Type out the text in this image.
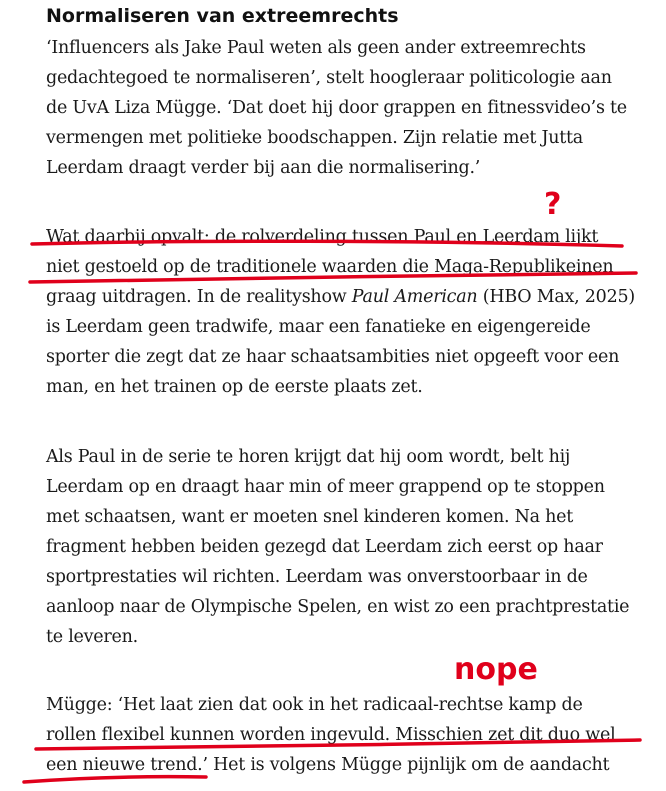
Normaliseren van extreemrechts
‘Influencers als Jake Paul weten als geen ander extreemrechts
gedachtegoed te normaliseren’, stelt hoogleraar politicologie aan
de UvA Liza Mügge. ‘Dat doet hij door grappen en fitnessvideo’s te
vermengen met politieke boodschappen. Zijn relatie met Jutta
Leerdam draagt verder bij aan die normalisering.’
Wat daarbij opvalt: de rolverdeling tussen Paul en Leerdam lijkt
niet gestoeld op de traditionele waarden die Maga-Republikeinen
graag uitdragen. In de realityshow Paul American (HBO Max, 2025)
is Leerdam geen tradwife, maar een fanatieke en eigengereide
sporter die zegt dat ze haar schaatsambities niet opgeeft voor een
man, en het trainen op de eerste plaats zet.
Als Paul in de serie te horen krijgt dat hij oom wordt, belt hij
Leerdam op en draagt haar min of meer grappend op te stoppen
met schaatsen, want er moeten snel kinderen komen. Na het
fragment hebben beiden gezegd dat Leerdam zich eerst op haar
sportprestaties wil richten. Leerdam was onverstoorbaar in de
aanloop naar de Olympische Spelen, en wist zo een prachtprestatie
te leveren.
Mügge: ‘Het laat zien dat ook in het radicaal-rechtse kamp de
rollen flexibel kunnen worden ingevuld. Misschien zet dit duo wel
een nieuwe trend.’ Het is volgens Mügge pijnlijk om de aandacht
?
nope
